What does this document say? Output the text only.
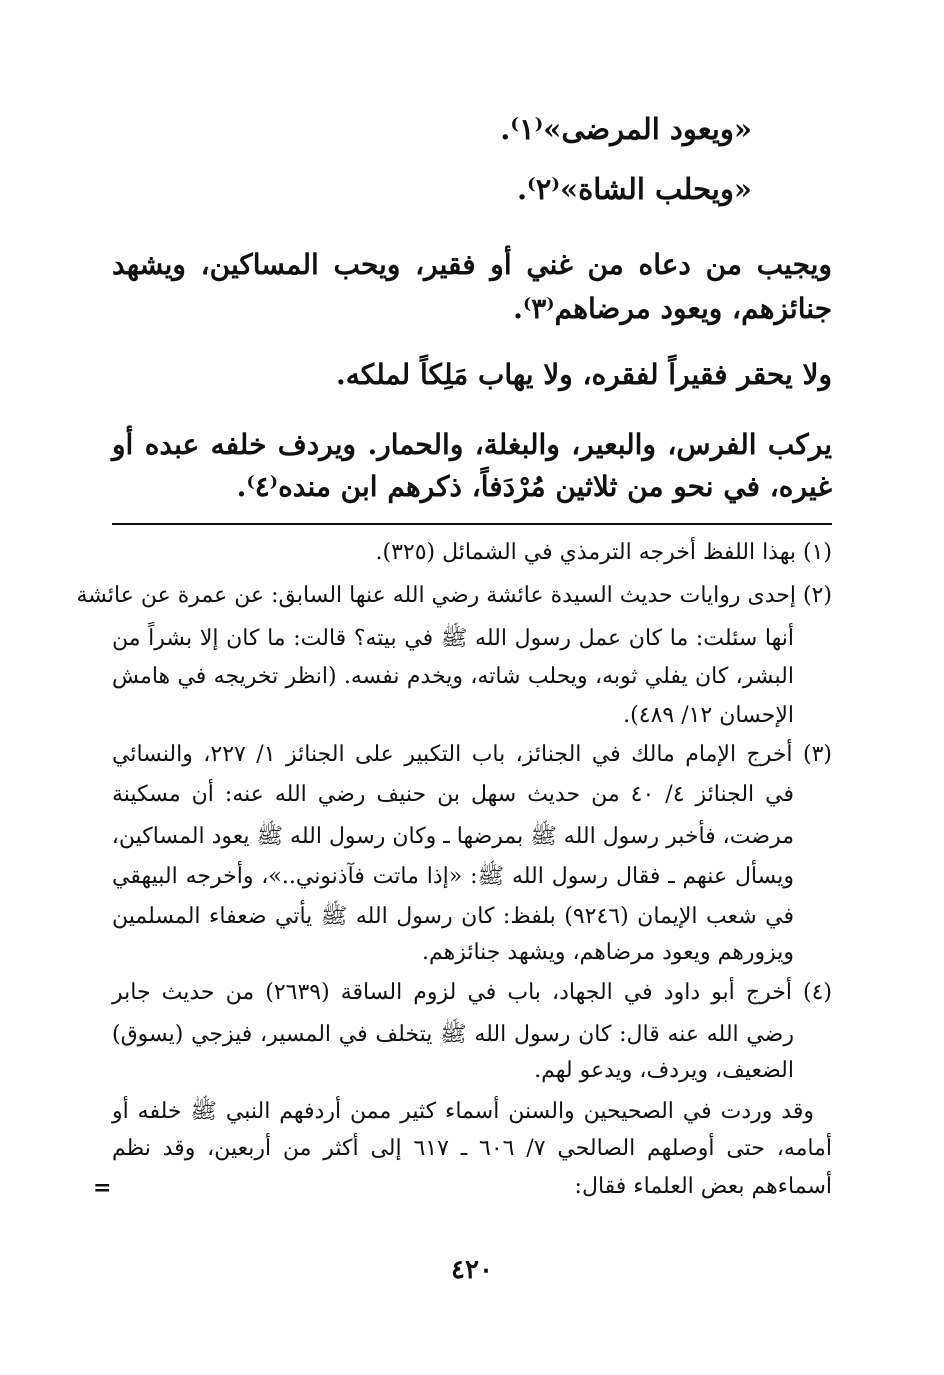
«ويعود المرضى»⁽١⁾.
«ويحلب الشاة»⁽٢⁾.
ويجيب من دعاه من غني أو فقير، ويحب المساكين، ويشهد
جنائزهم، ويعود مرضاهم⁽٣⁾.
ولا يحقر فقيراً لفقره، ولا يهاب مَلِكاً لملكه.
يركب الفرس، والبعير، والبغلة، والحمار. ويردف خلفه عبده أو
غيره، في نحو من ثلاثين مُرْدَفاً، ذكرهم ابن منده⁽٤⁾.
(١) بهذا اللفظ أخرجه الترمذي في الشمائل (٣٢٥).
(٢) إحدى روايات حديث السيدة عائشة رضي الله عنها السابق: عن عمرة عن عائشة
أنها سئلت: ما كان عمل رسول الله ﷺ في بيته؟ قالت: ما كان إلا بشراً من
البشر، كان يفلي ثوبه، ويحلب شاته، ويخدم نفسه. (انظر تخريجه في هامش
الإحسان ١٢/ ٤٨٩).
(٣) أخرج الإمام مالك في الجنائز، باب التكبير على الجنائز ١/ ٢٢٧، والنسائي
في الجنائز ٤/ ٤٠ من حديث سهل بن حنيف رضي الله عنه: أن مسكينة
مرضت، فأخبر رسول الله ﷺ بمرضها ـ وكان رسول الله ﷺ يعود المساكين،
ويسأل عنهم ـ فقال رسول الله ﷺ: «إذا ماتت فآذنوني..»، وأخرجه البيهقي
في شعب الإيمان (٩٢٤٦) بلفظ: كان رسول الله ﷺ يأتي ضعفاء المسلمين
ويزورهم ويعود مرضاهم، ويشهد جنائزهم.
(٤) أخرج أبو داود في الجهاد، باب في لزوم الساقة (٢٦٣٩) من حديث جابر
رضي الله عنه قال: كان رسول الله ﷺ يتخلف في المسير، فيزجي (يسوق)
الضعيف، ويردف، ويدعو لهم.
وقد وردت في الصحيحين والسنن أسماء كثير ممن أردفهم النبي ﷺ خلفه أو
أمامه، حتى أوصلهم الصالحي ٧/ ٦٠٦ ـ ٦١٧ إلى أكثر من أربعين، وقد نظم
أسماءهم بعض العلماء فقال:
=
٤٢٠
